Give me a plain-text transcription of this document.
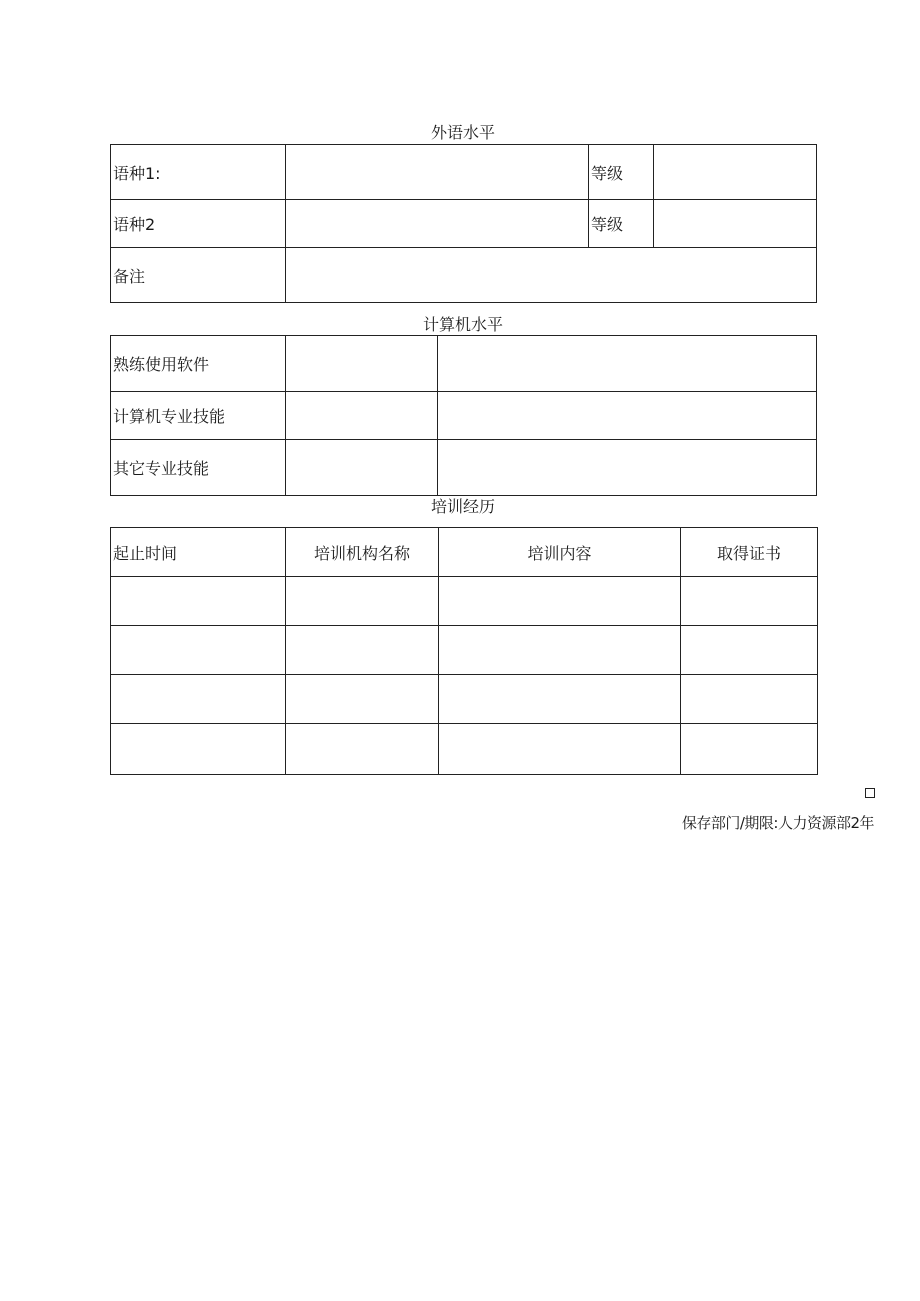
外语水平
语种1:		等级	
语种2		等级	
备注			
计算机水平
熟练使用软件		
计算机专业技能		
其它专业技能		
培训经历
起止时间	培训机构名称	培训内容	取得证书

保存部门/期限:人力资源部2年
